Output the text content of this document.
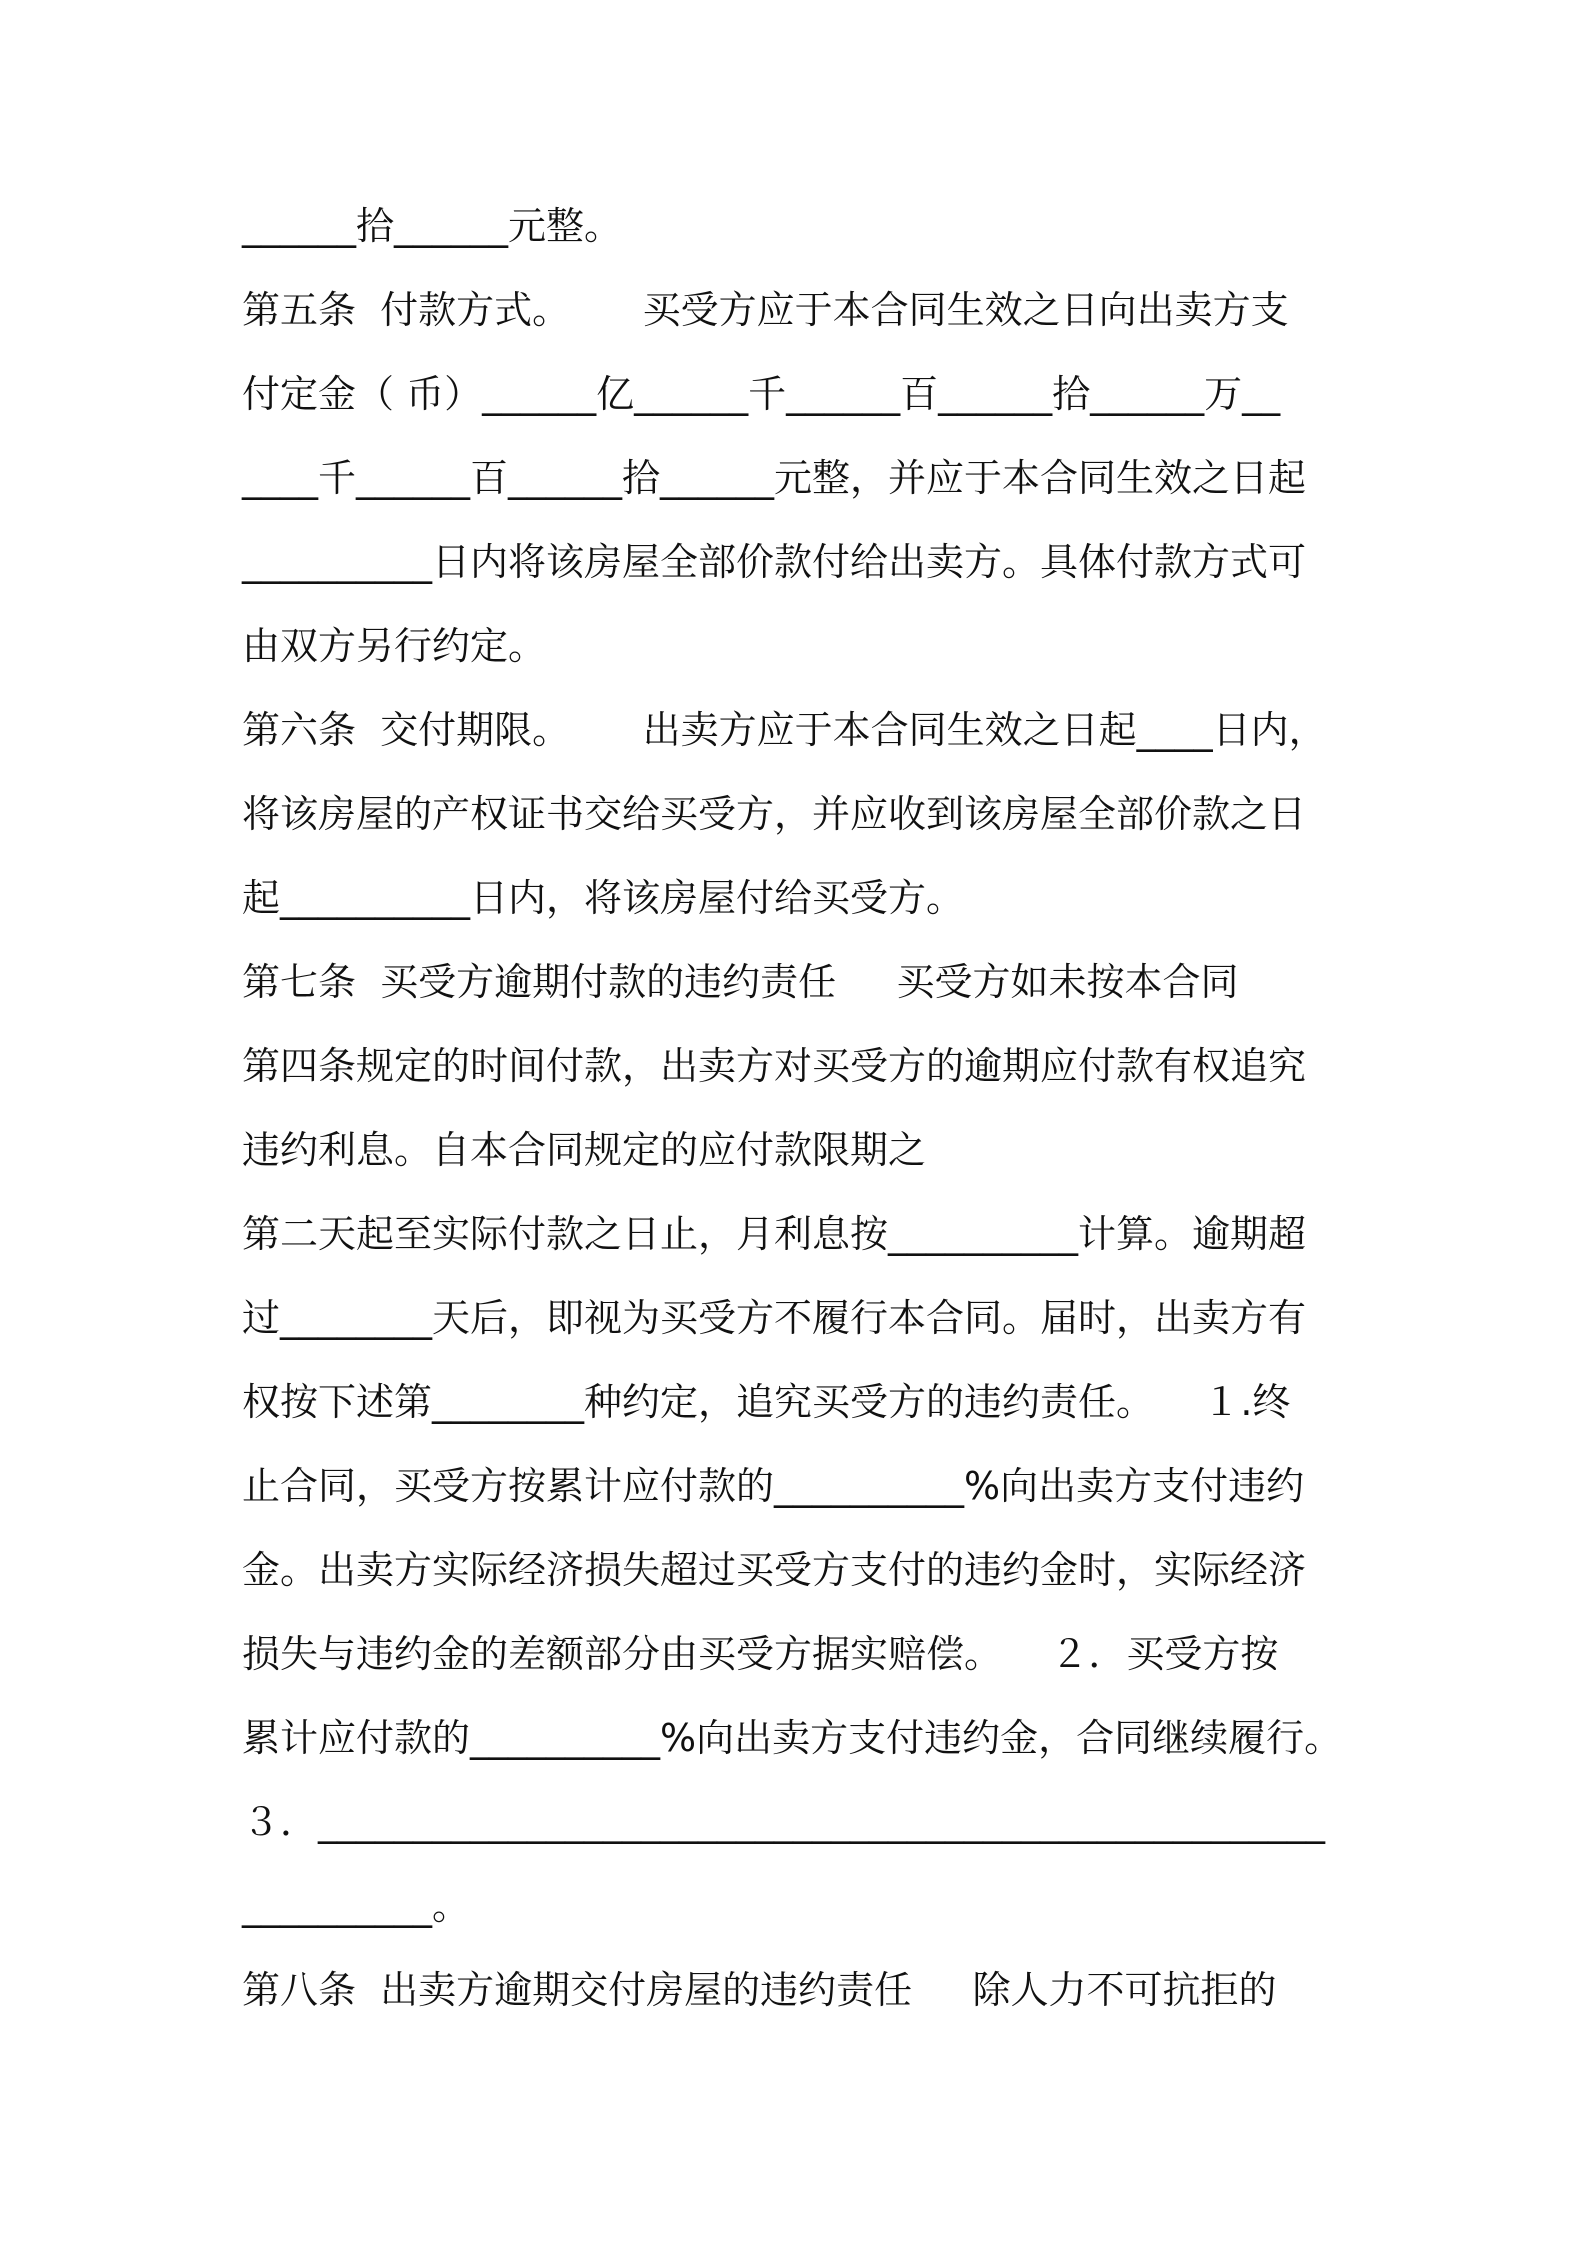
______拾______元整。
第五条  付款方式。      买受方应于本合同生效之日向出卖方支
付定金（ 币）______亿______千______百______拾______万__
____千______百______拾______元整，并应于本合同生效之日起
__________日内将该房屋全部价款付给出卖方。具体付款方式可
由双方另行约定。
第六条  交付期限。      出卖方应于本合同生效之日起____日内，
将该房屋的产权证书交给买受方，并应收到该房屋全部价款之日
起__________日内，将该房屋付给买受方。
第七条  买受方逾期付款的违约责任     买受方如未按本合同
第四条规定的时间付款，出卖方对买受方的逾期应付款有权追究
违约利息。自本合同规定的应付款限期之
第二天起至实际付款之日止，月利息按__________计算。逾期超
过________天后，即视为买受方不履行本合同。届时，出卖方有
权按下述第________种约定，追究买受方的违约责任。    １.终
止合同，买受方按累计应付款的__________%向出卖方支付违约
金。出卖方实际经济损失超过买受方支付的违约金时，实际经济
损失与违约金的差额部分由买受方据实赔偿。    ２．买受方按
累计应付款的__________%向出卖方支付违约金，合同继续履行。
３．_____________________________________________________
__________。
第八条  出卖方逾期交付房屋的违约责任     除人力不可抗拒的
